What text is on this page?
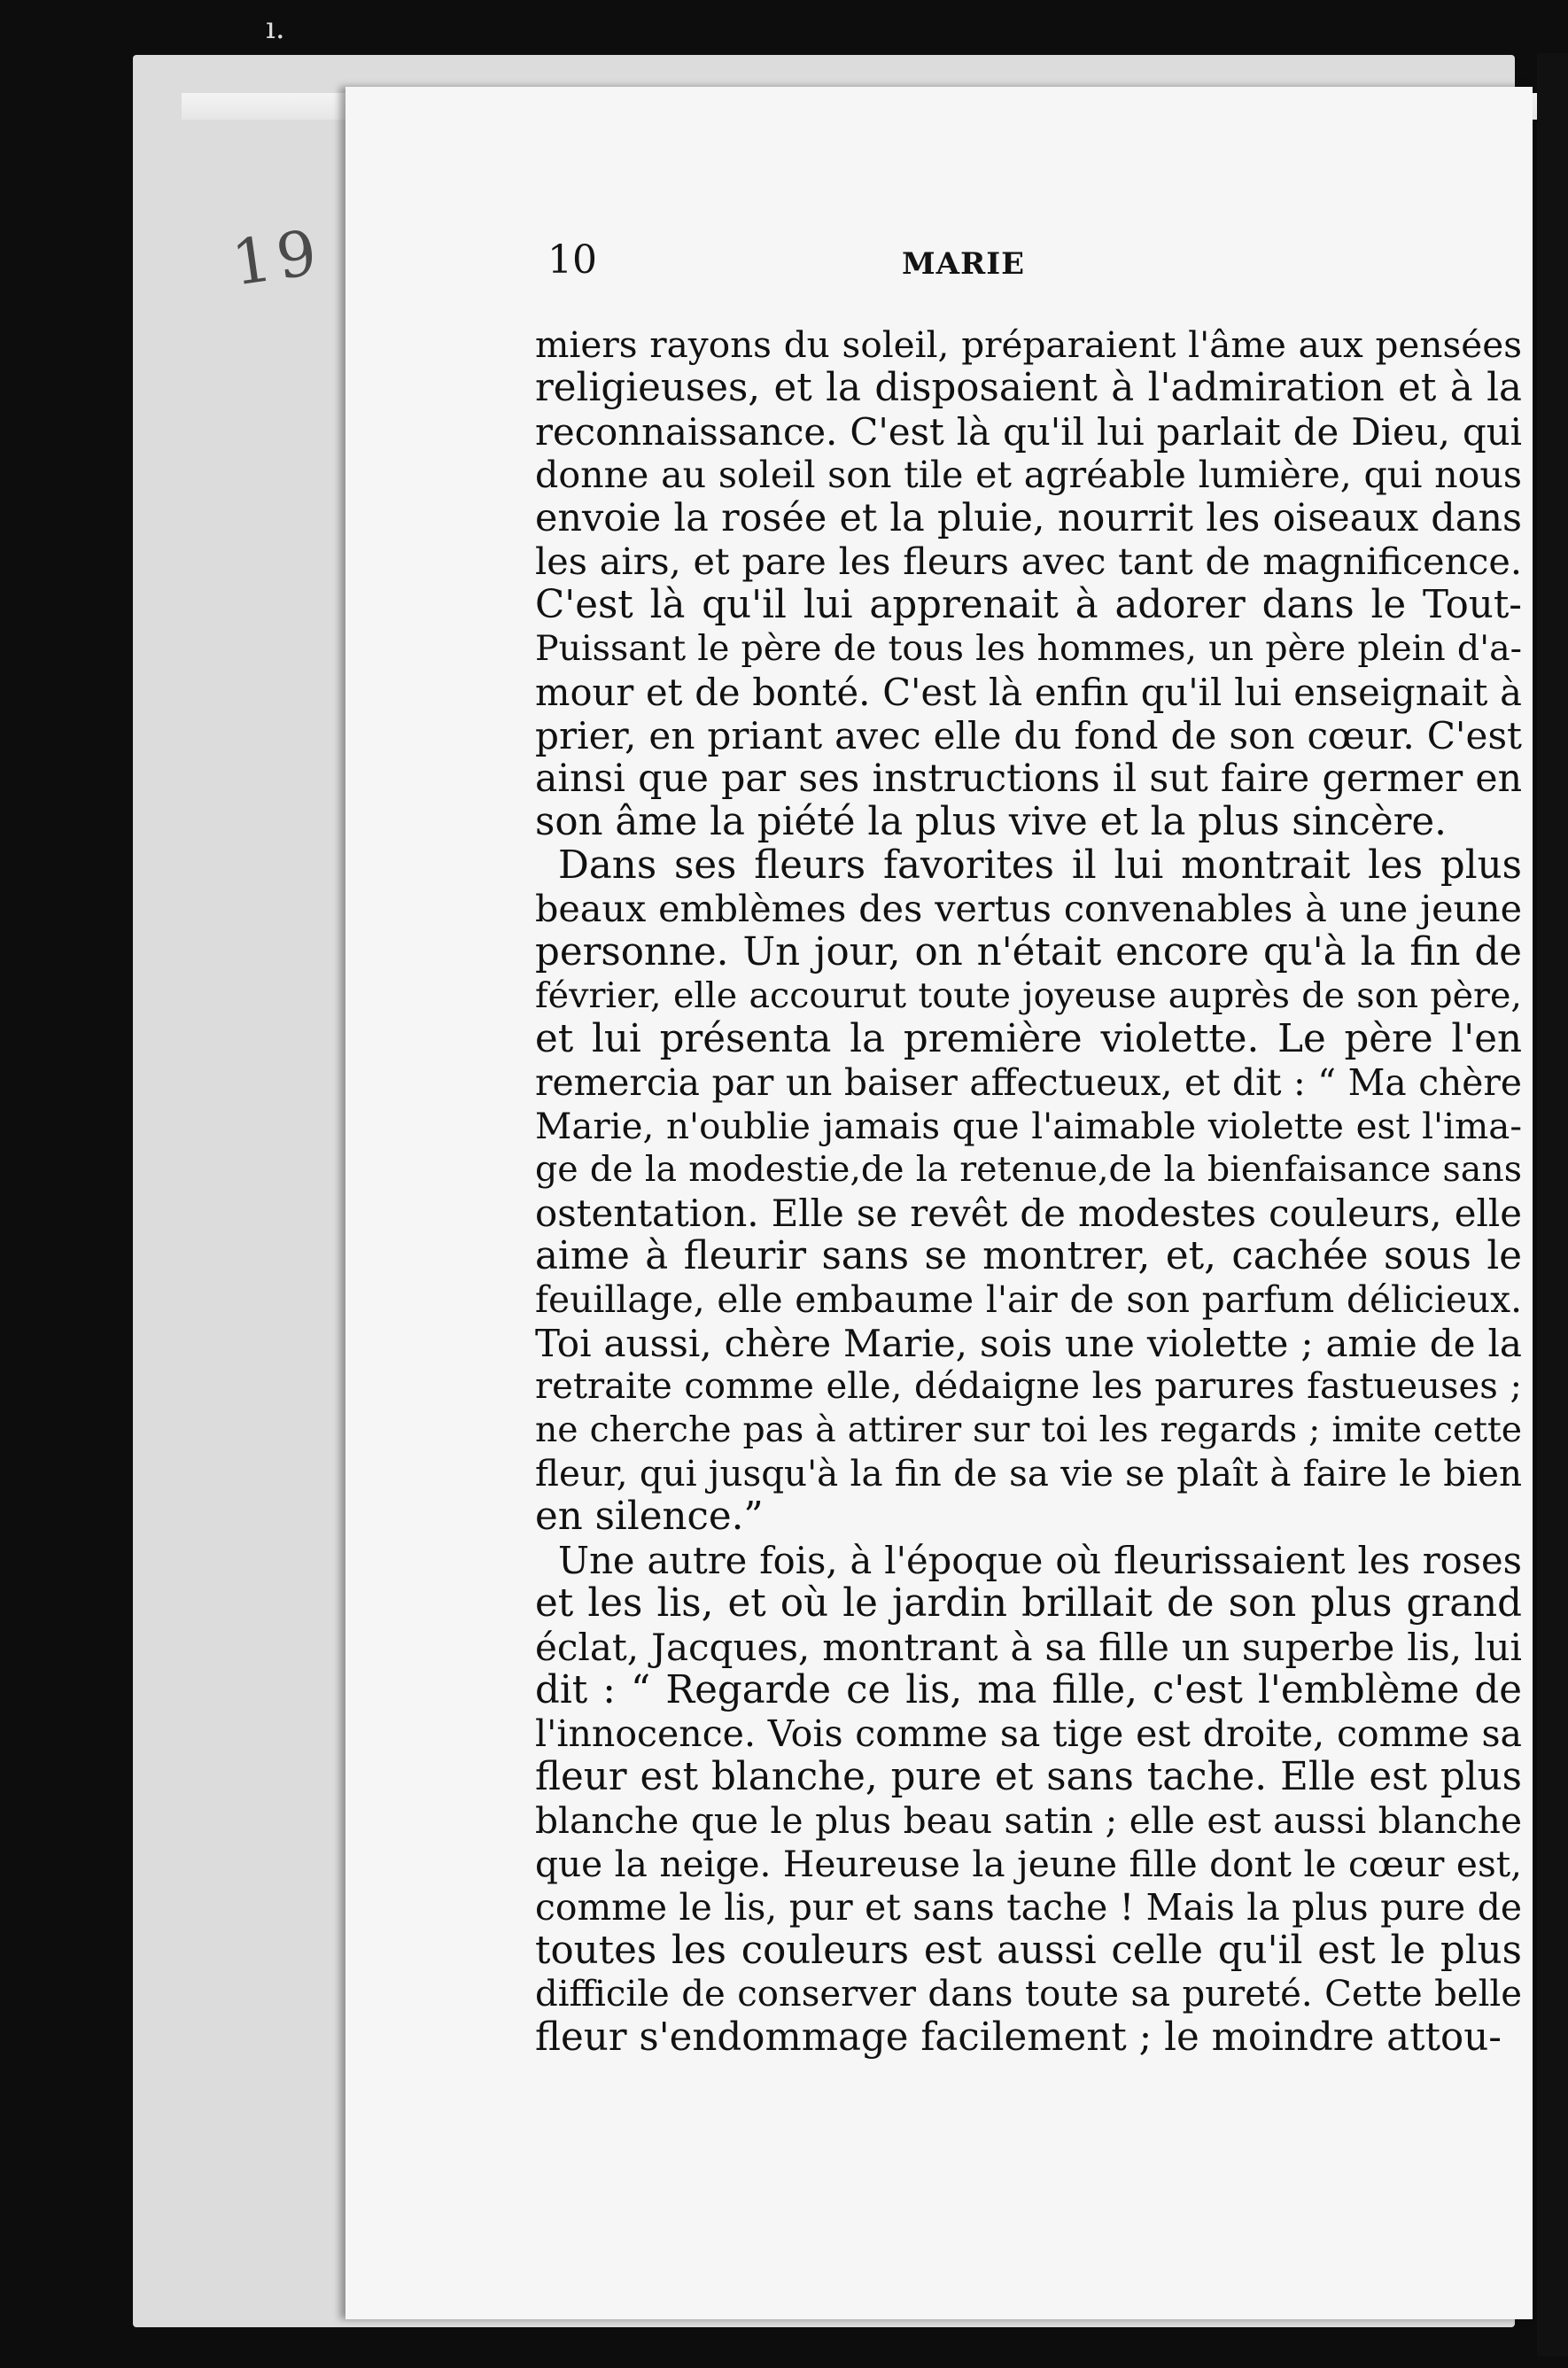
ı.
19	10	MARIE
miers rayons du soleil, préparaient l'âme aux pensées
religieuses, et la disposaient à l'admiration et à la
reconnaissance. C'est là qu'il lui parlait de Dieu, qui
donne au soleil son tile et agréable lumière, qui nous
envoie la rosée et la pluie, nourrit les oiseaux dans
les airs, et pare les fleurs avec tant de magnificence.
C'est là qu'il lui apprenait à adorer dans le Tout-
Puissant le père de tous les hommes, un père plein d'a-
mour et de bonté. C'est là enfin qu'il lui enseignait à
prier, en priant avec elle du fond de son cœur. C'est
ainsi que par ses instructions il sut faire germer en
son âme la piété la plus vive et la plus sincère.
Dans ses fleurs favorites il lui montrait les plus
beaux emblèmes des vertus convenables à une jeune
personne. Un jour, on n'était encore qu'à la fin de
février, elle accourut toute joyeuse auprès de son père,
et lui présenta la première violette. Le père l'en
remercia par un baiser affectueux, et dit : “ Ma chère
Marie, n'oublie jamais que l'aimable violette est l'ima-
ge de la modestie,de la retenue,de la bienfaisance sans
ostentation. Elle se revêt de modestes couleurs, elle
aime à fleurir sans se montrer, et, cachée sous le
feuillage, elle embaume l'air de son parfum délicieux.
Toi aussi, chère Marie, sois une violette ; amie de la
retraite comme elle, dédaigne les parures fastueuses ;
ne cherche pas à attirer sur toi les regards ; imite cette
fleur, qui jusqu'à la fin de sa vie se plaît à faire le bien
en silence.”
Une autre fois, à l'époque où fleurissaient les roses
et les lis, et où le jardin brillait de son plus grand
éclat, Jacques, montrant à sa fille un superbe lis, lui
dit : “ Regarde ce lis, ma fille, c'est l'emblème de
l'innocence. Vois comme sa tige est droite, comme sa
fleur est blanche, pure et sans tache. Elle est plus
blanche que le plus beau satin ; elle est aussi blanche
que la neige. Heureuse la jeune fille dont le cœur est,
comme le lis, pur et sans tache ! Mais la plus pure de
toutes les couleurs est aussi celle qu'il est le plus
difficile de conserver dans toute sa pureté. Cette belle
fleur s'endommage facilement ; le moindre attou-
